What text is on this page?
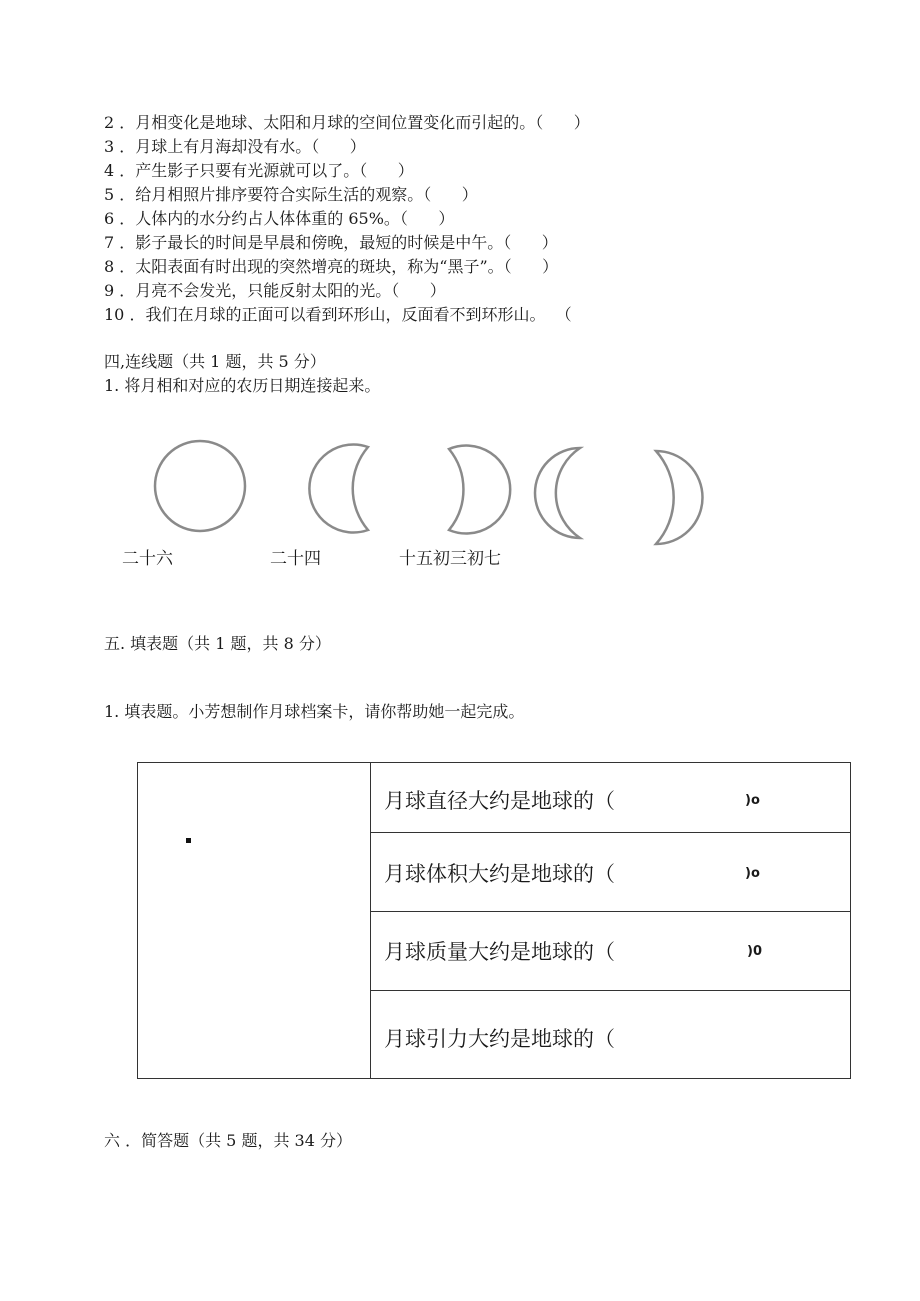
2 ．月相变化是地球、太阳和月球的空间位置变化而引起的。（      ）
3 ．月球上有月海却没有水。（      ）
4 ．产生影子只要有光源就可以了。（      ）
5 ．给月相照片排序要符合实际生活的观察。（      ）
6 ．人体内的水分约占人体体重的 65%。（      ）
7 ．影子最长的时间是早晨和傍晚，最短的时候是中午。（      ）
8 ．太阳表面有时出现的突然增亮的斑块，称为“黑子”。（      ）
9 ．月亮不会发光，只能反射太阳的光。（      ）
10 ．我们在月球的正面可以看到环形山，反面看不到环形山。  （
四,连线题（共 1 题，共 5 分）
1. 将月相和对应的农历日期连接起来。
二十六	二十四	十五初三初七
五. 填表题（共 1 题，共 8 分）
1. 填表题。小芳想制作月球档案卡，请你帮助她一起完成。
月球直径大约是地球的（	)o
月球体积大约是地球的（	)o
月球质量大约是地球的（	)0
月球引力大约是地球的（
六 ．简答题（共 5 题，共 34 分）
